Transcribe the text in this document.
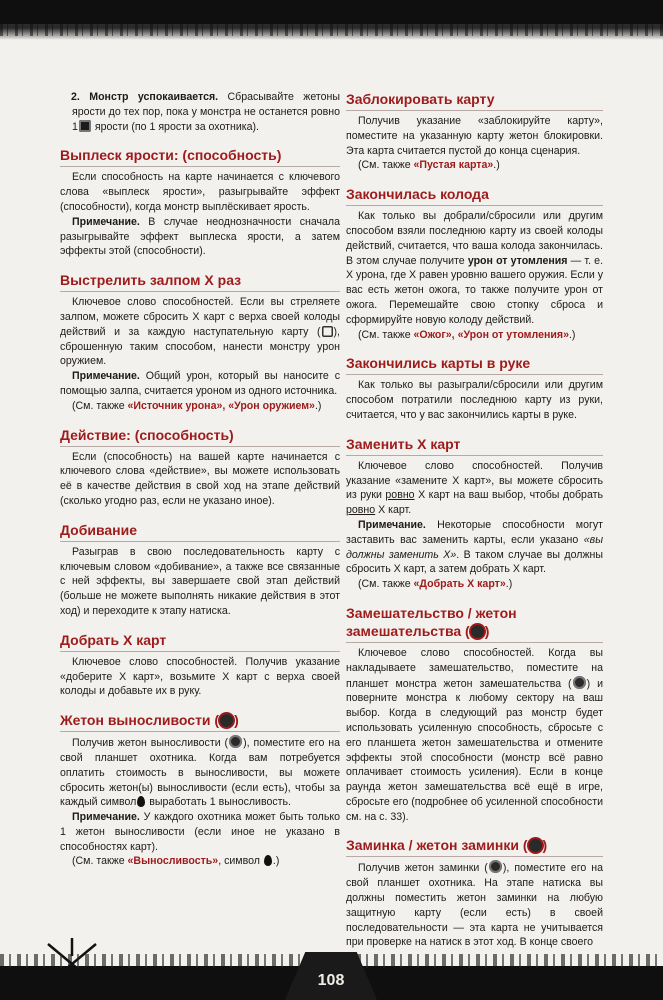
2. Монстр успокаивается. Сбрасывайте жетоны ярости до тех пор, пока у монстра не останется ровно 1 ярости (по 1 ярости за охотника).

Выплеск ярости: (способность)

Если способность на карте начинается с ключевого слова «выплеск ярости», разыгрывайте эффект (способности), когда монстр выплёскивает ярость.

Примечание. В случае неоднозначности сначала разыгрывайте эффект выплеска ярости, а затем эффекты этой (способности).

Выстрелить залпом X раз

Ключевое слово способностей. Если вы стреляете залпом, можете сбросить X карт с верха своей колоды действий и за каждую наступательную карту ( ), сброшенную таким способом, нанести монстру урон оружием.

Примечание. Общий урон, который вы наносите с помощью залпа, считается уроном из одного источника.

(См. также «Источник урона», «Урон оружием».)

Действие: (способность)

Если (способность) на вашей карте начинается с ключевого слова «действие», вы можете использовать её в качестве действия в свой ход на этапе действий (сколько угодно раз, если не указано иное).

Добивание

Разыграв в свою последовательность карту с ключевым словом «добивание», а также все связанные с ней эффекты, вы завершаете свой этап действий (больше не можете выполнять никакие действия в этот ход) и переходите к этапу натиска.

Добрать X карт

Ключевое слово способностей. Получив указание «доберите X карт», возьмите X карт с верха своей колоды и добавьте их в руку.

Жетон выносливости ( )

Получив жетон выносливости ( ), поместите его на свой планшет охотника. Когда вам потребуется оплатить стоимость в выносливости, вы можете сбросить жетон(ы) выносливости (если есть), чтобы за каждый символ выработать 1 выносливость.

Примечание. У каждого охотника может быть только 1 жетон выносливости (если иное не указано в способностях карт).

(См. также «Выносливость», символ .)

Заблокировать карту

Получив указание «заблокируйте карту», поместите на указанную карту жетон блокировки. Эта карта считается пустой до конца сценария.

(См. также «Пустая карта».)

Закончилась колода

Как только вы добрали/сбросили или другим способом взяли последнюю карту из своей колоды действий, считается, что ваша колода закончилась. В этом случае получите урон от утомления — т. е. X урона, где X равен уровню вашего оружия. Если у вас есть жетон ожога, то также получите урон от ожога. Перемешайте свою стопку сброса и сформируйте новую колоду действий.

(См. также «Ожог», «Урон от утомления».)

Закончились карты в руке

Как только вы разыграли/сбросили или другим способом потратили последнюю карту из руки, считается, что у вас закончились карты в руке.

Заменить X карт

Ключевое слово способностей. Получив указание «замените X карт», вы можете сбросить из руки ровно X карт на ваш выбор, чтобы добрать ровно X карт.

Примечание. Некоторые способности могут заставить вас заменить карты, если указано «вы должны заменить X». В таком случае вы должны сбросить X карт, а затем добрать X карт.

(См. также «Добрать X карт».)

Замешательство / жетон замешательства ( )

Ключевое слово способностей. Когда вы накладываете замешательство, поместите на планшет монстра жетон замешательства ( ) и поверните монстра к любому сектору на ваш выбор. Когда в следующий раз монстр будет использовать усиленную способность, сбросьте с его планшета жетон замешательства и отмените эффекты этой способности (монстр всё равно оплачивает стоимость усиления). Если в конце раунда жетон замешательства всё ещё в игре, сбросьте его (подробнее об усиленной способности см. на с. 33).

Заминка / жетон заминки ( )

Получив жетон заминки ( ), поместите его на свой планшет охотника. На этапе натиска вы должны поместить жетон заминки на любую защитную карту (если есть) в своей последовательности — эта карта не учитывается при проверке на натиск в этот ход. В конце своего

108
